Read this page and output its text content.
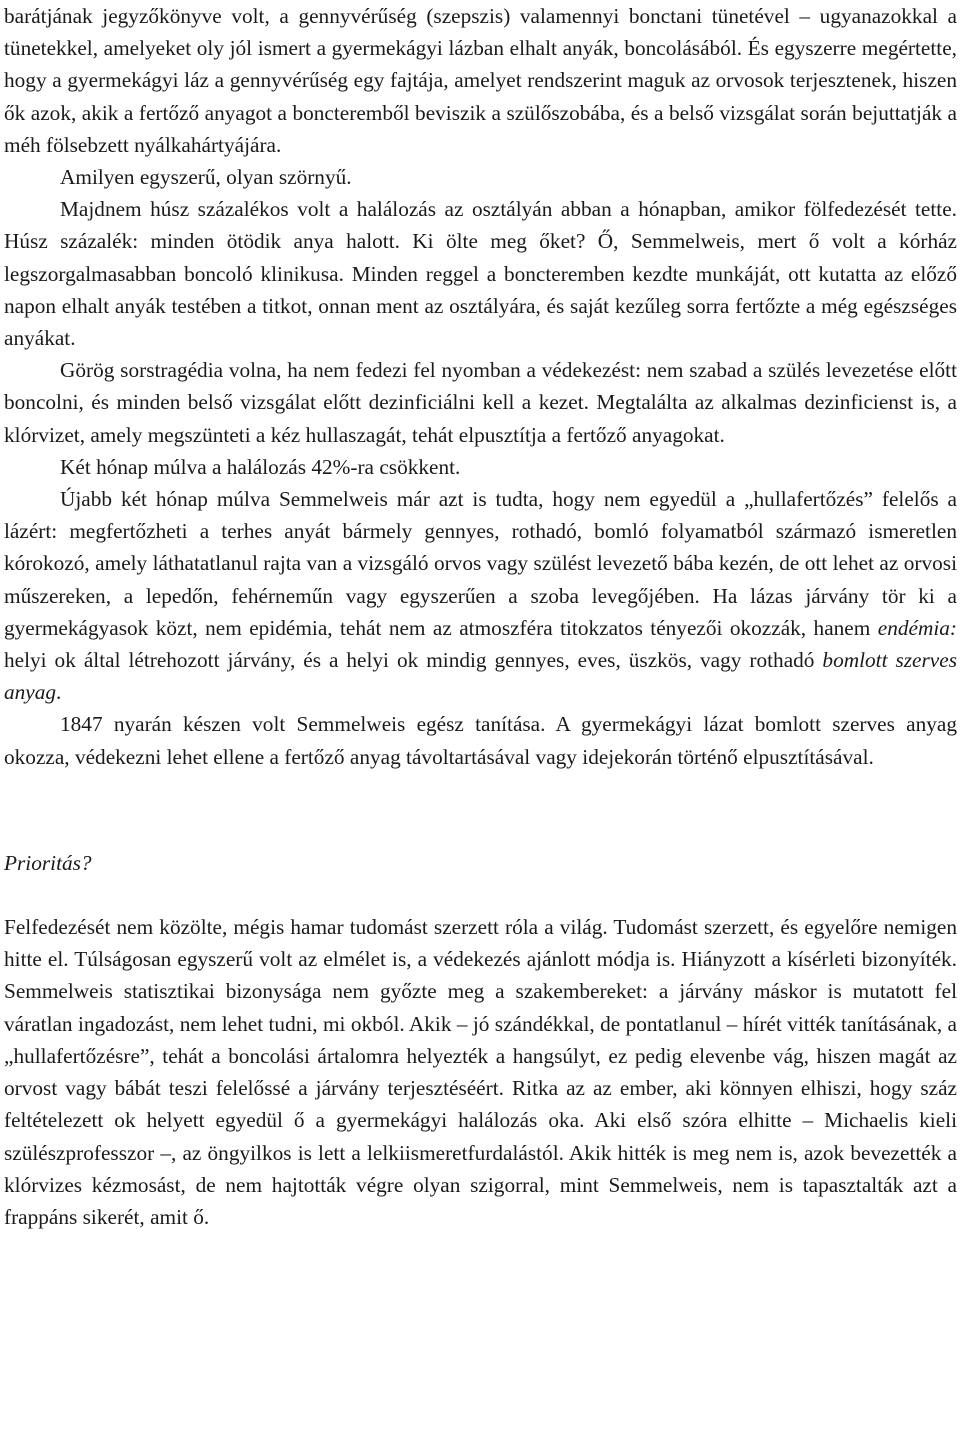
barátjának jegyzőkönyve volt, a gennyvérűség (szepszis) valamennyi bonctani tünetével – ugyanazokkal a tünetekkel, amelyeket oly jól ismert a gyermekágyi lázban elhalt anyák, boncolásából. És egyszerre megértette, hogy a gyermekágyi láz a gennyvérűség egy fajtája, amelyet rendszerint maguk az orvosok terjesztenek, hiszen ők azok, akik a fertőző anyagot a boncteremből beviszik a szülőszobába, és a belső vizsgálat során bejuttatják a méh fölsebzett nyálkahártyájára.

Amilyen egyszerű, olyan szörnyű.

Majdnem húsz százalékos volt a halálozás az osztályán abban a hónapban, amikor fölfedezését tette. Húsz százalék: minden ötödik anya halott. Ki ölte meg őket? Ő, Semmelweis, mert ő volt a kórház legszorgalmasabban boncoló klinikusa. Minden reggel a boncteremben kezdte munkáját, ott kutatta az előző napon elhalt anyák testében a titkot, onnan ment az osztályára, és saját kezűleg sorra fertőzte a még egészséges anyákat.

Görög sorstragédia volna, ha nem fedezi fel nyomban a védekezést: nem szabad a szülés levezetése előtt boncolni, és minden belső vizsgálat előtt dezinficiálni kell a kezet. Megtalálta az alkalmas dezinficienst is, a klórvizet, amely megszünteti a kéz hullaszagát, tehát elpusztítja a fertőző anyagokat.

Két hónap múlva a halálozás 42%-ra csökkent.

Újabb két hónap múlva Semmelweis már azt is tudta, hogy nem egyedül a „hullafertőzés” felelős a lázért: megfertőzheti a terhes anyát bármely gennyes, rothadó, bomló folyamatból származó ismeretlen kórokozó, amely láthatatlanul rajta van a vizsgáló orvos vagy szülést levezető bába kezén, de ott lehet az orvosi műszereken, a lepedőn, fehérneműn vagy egyszerűen a szoba levegőjében. Ha lázas járvány tör ki a gyermekágyasok közt, nem epidémia, tehát nem az atmoszféra titokzatos tényezői okozzák, hanem endémia: helyi ok által létrehozott járvány, és a helyi ok mindig gennyes, eves, üszkös, vagy rothadó bomlott szerves anyag.

1847 nyarán készen volt Semmelweis egész tanítása. A gyermekágyi lázat bomlott szerves anyag okozza, védekezni lehet ellene a fertőző anyag távoltartásával vagy idejekorán történő elpusztításával.

Prioritás?

Felfedezését nem közölte, mégis hamar tudomást szerzett róla a világ. Tudomást szerzett, és egyelőre nemigen hitte el. Túlságosan egyszerű volt az elmélet is, a védekezés ajánlott módja is. Hiányzott a kísérleti bizonyíték. Semmelweis statisztikai bizonysága nem győzte meg a szakembereket: a járvány máskor is mutatott fel váratlan ingadozást, nem lehet tudni, mi okból. Akik – jó szándékkal, de pontatlanul – hírét vitték tanításának, a „hullafertőzésre”, tehát a boncolási ártalomra helyezték a hangsúlyt, ez pedig elevenbe vág, hiszen magát az orvost vagy bábát teszi felelőssé a járvány terjesztéséért. Ritka az az ember, aki könnyen elhiszi, hogy száz feltételezett ok helyett egyedül ő a gyermekágyi halálozás oka. Aki első szóra elhitte – Michaelis kieli szülészprofesszor –, az öngyilkos is lett a lelkiismeretfurdalástól. Akik hitték is meg nem is, azok bevezették a klórvizes kézmosást, de nem hajtották végre olyan szigorral, mint Semmelweis, nem is tapasztalták azt a frappáns sikerét, amit ő.
